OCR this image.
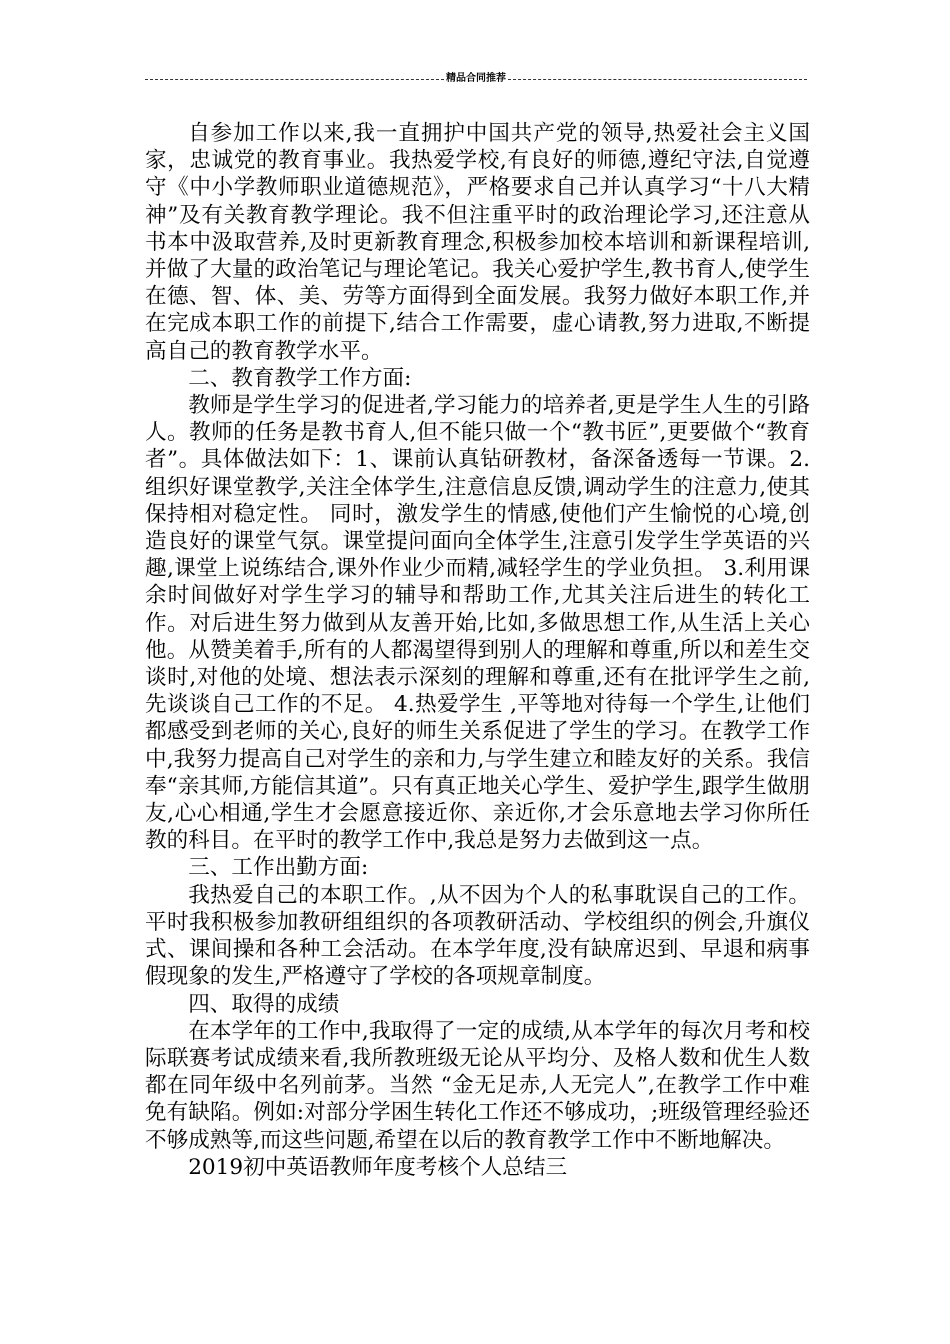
精品合同推荐

自参加工作以来,我一直拥护中国共产党的领导,热爱社会主义国家，忠诚党的教育事业。我热爱学校,有良好的师德,遵纪守法,自觉遵守《中小学教师职业道德规范》，严格要求自己并认真学习“十八大精神”及有关教育教学理论。我不但注重平时的政治理论学习,还注意从书本中汲取营养,及时更新教育理念,积极参加校本培训和新课程培训,并做了大量的政治笔记与理论笔记。我关心爱护学生,教书育人,使学生在德、智、体、美、劳等方面得到全面发展。我努力做好本职工作,并在完成本职工作的前提下,结合工作需要，虚心请教,努力进取,不断提高自己的教育教学水平。

二、教育教学工作方面:

教师是学生学习的促进者,学习能力的培养者,更是学生人生的引路人。教师的任务是教书育人,但不能只做一个“教书匠”,更要做个“教育者”。具体做法如下：1、课前认真钻研教材，备深备透每一节课。2.组织好课堂教学,关注全体学生,注意信息反馈,调动学生的注意力,使其保持相对稳定性。 同时，激发学生的情感,使他们产生愉悦的心境,创造良好的课堂气氛。课堂提问面向全体学生,注意引发学生学英语的兴趣,课堂上说练结合,课外作业少而精,减轻学生的学业负担。 3.利用课余时间做好对学生学习的辅导和帮助工作,尤其关注后进生的转化工作。对后进生努力做到从友善开始,比如,多做思想工作,从生活上关心他。从赞美着手,所有的人都渴望得到别人的理解和尊重,所以和差生交谈时,对他的处境、想法表示深刻的理解和尊重,还有在批评学生之前,先谈谈自己工作的不足。 4.热爱学生 ,平等地对待每一个学生,让他们都感受到老师的关心,良好的师生关系促进了学生的学习。在教学工作中,我努力提高自己对学生的亲和力,与学生建立和睦友好的关系。我信奉“亲其师,方能信其道”。只有真正地关心学生、爱护学生,跟学生做朋友,心心相通,学生才会愿意接近你、亲近你,才会乐意地去学习你所任教的科目。在平时的教学工作中,我总是努力去做到这一点。

三、工作出勤方面:

我热爱自己的本职工作。,从不因为个人的私事耽误自己的工作。平时我积极参加教研组组织的各项教研活动、学校组织的例会,升旗仪式、课间操和各种工会活动。在本学年度,没有缺席迟到、早退和病事假现象的发生,严格遵守了学校的各项规章制度。

四、取得的成绩

在本学年的工作中,我取得了一定的成绩,从本学年的每次月考和校际联赛考试成绩来看,我所教班级无论从平均分、及格人数和优生人数都在同年级中名列前茅。当然 “金无足赤,人无完人”,在教学工作中难免有缺陷。例如:对部分学困生转化工作还不够成功，;班级管理经验还不够成熟等,而这些问题,希望在以后的教育教学工作中不断地解决。

2019初中英语教师年度考核个人总结三
